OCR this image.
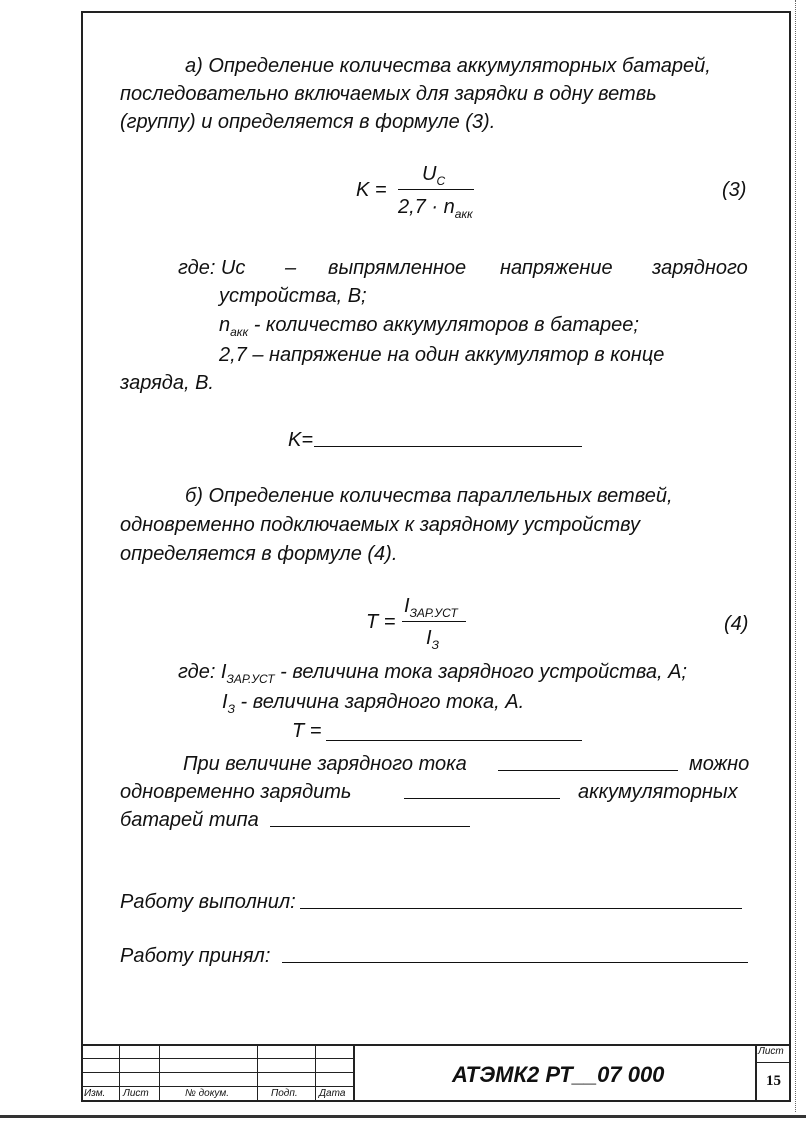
а) Определение количества аккумуляторных батарей,
последовательно включаемых для зарядки в одну ветвь
(группу) и определяется в формуле (3).
K =
$U_C$
$2,7 \cdot n_{акк}$
(3)
где: Uс – выпрямленное напряжение зарядного
устройства, В;
$n_{акк}$ - количество аккумуляторов в батарее;
2,7 – напряжение на один аккумулятор в конце
заряда, В.
K=
б) Определение количества параллельных ветвей,
одновременно подключаемых к зарядному устройству
определяется в формуле (4).
T =
$I_{ЗАР.УСТ}$
$I_З$
(4)
где: $I_{ЗАР.УСТ}$ - величина тока зарядного устройства, А;
$I_З$ - величина зарядного тока, А.
T =
При величине зарядного тока	можно
одновременно зарядить	аккумуляторных
батарей типа
Работу выполнил:
Работу принял:
Изм. Лист	№ докум.	Подп. Дата
АТЭМК2 РТ__07 000
Лист
15
